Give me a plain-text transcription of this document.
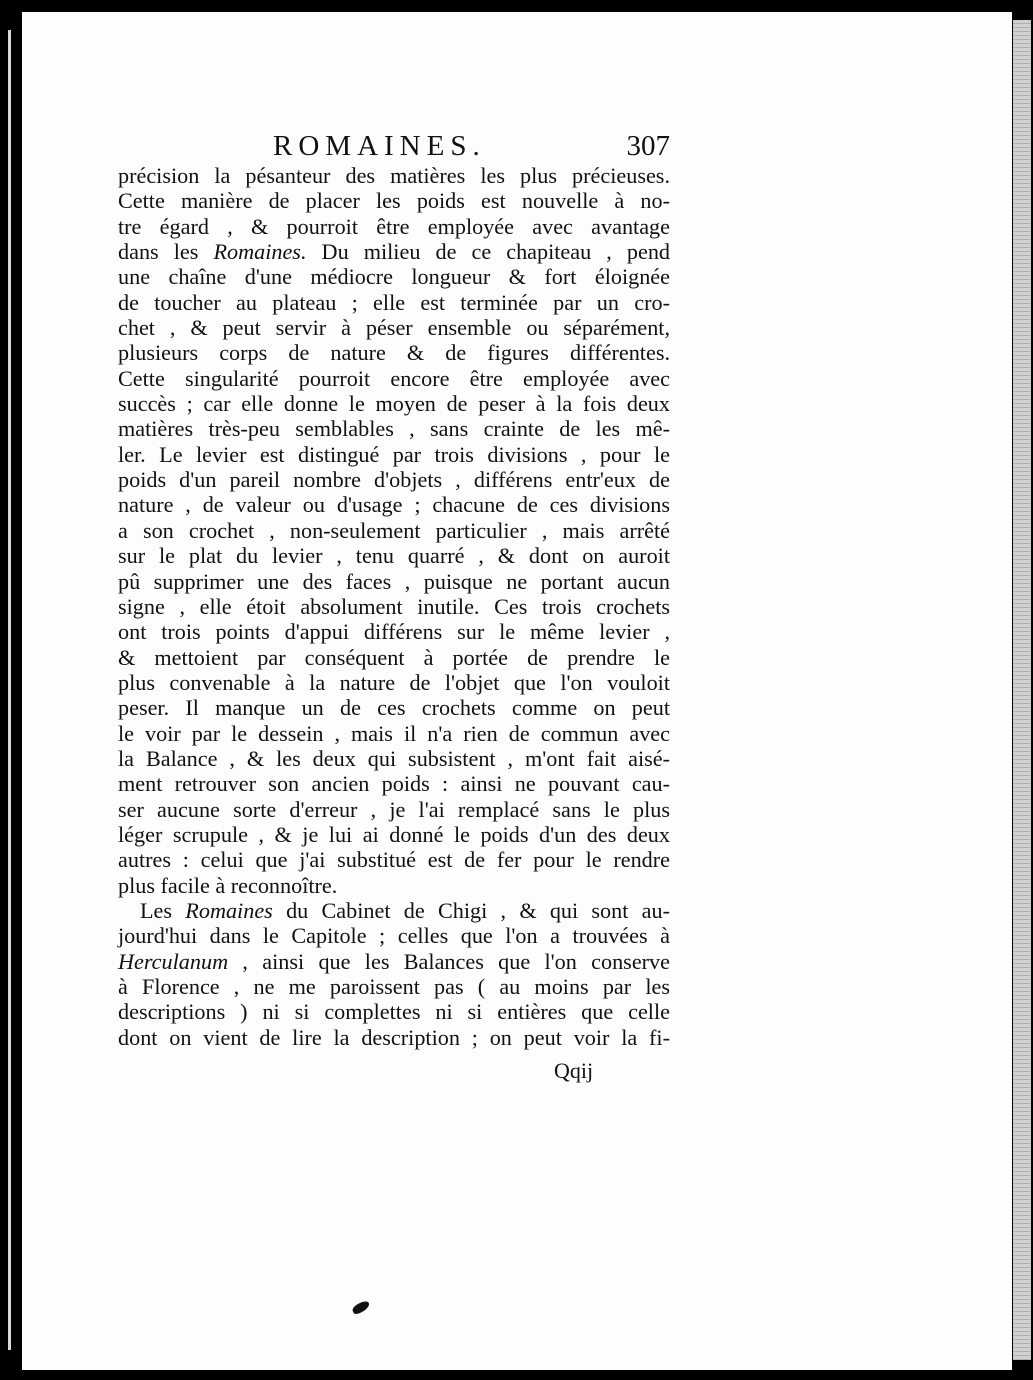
ROMAINES.	307
précision la pésanteur des matières les plus précieuses.
Cette manière de placer les poids est nouvelle à no-
tre égard , & pourroit être employée avec avantage
dans les Romaines. Du milieu de ce chapiteau , pend
une chaîne d'une médiocre longueur & fort éloignée
de toucher au plateau ; elle est terminée par un cro-
chet , & peut servir à péser ensemble ou séparément,
plusieurs corps de nature & de figures différentes.
Cette singularité pourroit encore être employée avec
succès ; car elle donne le moyen de peser à la fois deux
matières très-peu semblables , sans crainte de les mê-
ler. Le levier est distingué par trois divisions , pour le
poids d'un pareil nombre d'objets , différens entr'eux de
nature , de valeur ou d'usage ; chacune de ces divisions
a son crochet , non-seulement particulier , mais arrêté
sur le plat du levier , tenu quarré , & dont on auroit
pû supprimer une des faces , puisque ne portant aucun
signe , elle étoit absolument inutile. Ces trois crochets
ont trois points d'appui différens sur le même levier ,
& mettoient par conséquent à portée de prendre le
plus convenable à la nature de l'objet que l'on vouloit
peser. Il manque un de ces crochets comme on peut
le voir par le dessein , mais il n'a rien de commun avec
la Balance , & les deux qui subsistent , m'ont fait aisé-
ment retrouver son ancien poids : ainsi ne pouvant cau-
ser aucune sorte d'erreur , je l'ai remplacé sans le plus
léger scrupule , & je lui ai donné le poids d'un des deux
autres : celui que j'ai substitué est de fer pour le rendre
plus facile à reconnoître.
Les Romaines du Cabinet de Chigi , & qui sont au-
jourd'hui dans le Capitole ; celles que l'on a trouvées à
Herculanum , ainsi que les Balances que l'on conserve
à Florence , ne me paroissent pas ( au moins par les
descriptions ) ni si complettes ni si entières que celle
dont on vient de lire la description ; on peut voir la fi-
Qqij
